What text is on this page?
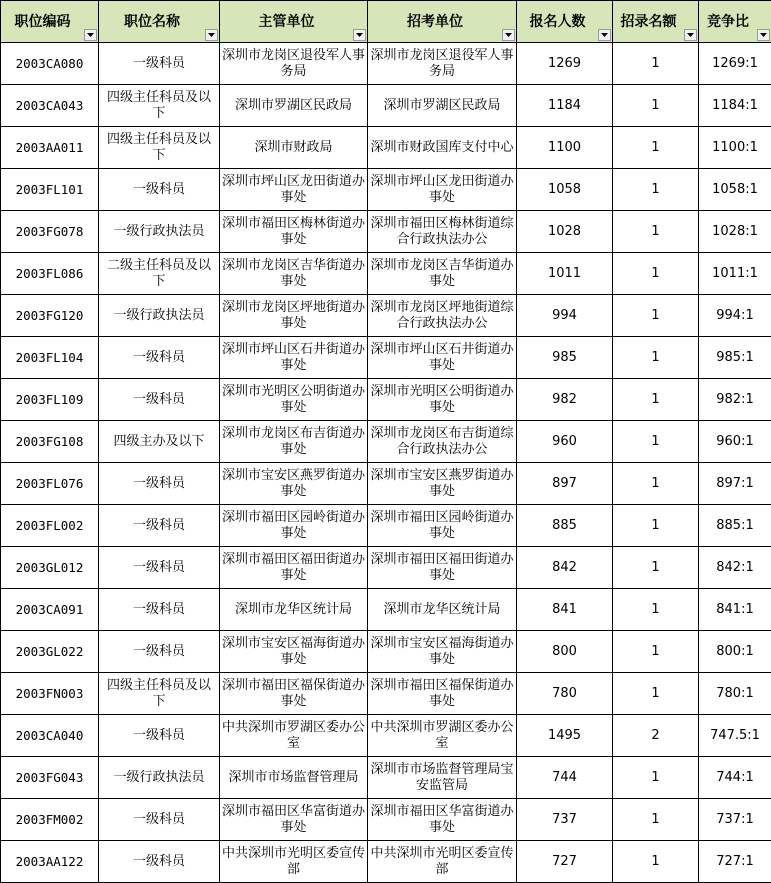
职位编码	职位名称	主管单位	招考单位	报名人数	招录名额	竞争比

2003CA080	一级科员	深圳市龙岗区退役军人事务局	深圳市龙岗区退役军人事务局	1269	1	1269:1
2003CA043	四级主任科员及以下	深圳市罗湖区民政局	深圳市罗湖区民政局	1184	1	1184:1
2003AA011	四级主任科员及以下	深圳市财政局	深圳市财政国库支付中心	1100	1	1100:1
2003FL101	一级科员	深圳市坪山区龙田街道办事处	深圳市坪山区龙田街道办事处	1058	1	1058:1
2003FG078	一级行政执法员	深圳市福田区梅林街道办事处	深圳市福田区梅林街道综合行政执法办公	1028	1	1028:1
2003FL086	二级主任科员及以下	深圳市龙岗区吉华街道办事处	深圳市龙岗区吉华街道办事处	1011	1	1011:1
2003FG120	一级行政执法员	深圳市龙岗区坪地街道办事处	深圳市龙岗区坪地街道综合行政执法办公	994	1	994:1
2003FL104	一级科员	深圳市坪山区石井街道办事处	深圳市坪山区石井街道办事处	985	1	985:1
2003FL109	一级科员	深圳市光明区公明街道办事处	深圳市光明区公明街道办事处	982	1	982:1
2003FG108	四级主办及以下	深圳市龙岗区布吉街道办事处	深圳市龙岗区布吉街道综合行政执法办公	960	1	960:1
2003FL076	一级科员	深圳市宝安区燕罗街道办事处	深圳市宝安区燕罗街道办事处	897	1	897:1
2003FL002	一级科员	深圳市福田区园岭街道办事处	深圳市福田区园岭街道办事处	885	1	885:1
2003GL012	一级科员	深圳市福田区福田街道办事处	深圳市福田区福田街道办事处	842	1	842:1
2003CA091	一级科员	深圳市龙华区统计局	深圳市龙华区统计局	841	1	841:1
2003GL022	一级科员	深圳市宝安区福海街道办事处	深圳市宝安区福海街道办事处	800	1	800:1
2003FN003	四级主任科员及以下	深圳市福田区福保街道办事处	深圳市福田区福保街道办事处	780	1	780:1
2003CA040	一级科员	中共深圳市罗湖区委办公室	中共深圳市罗湖区委办公室	1495	2	747.5:1
2003FG043	一级行政执法员	深圳市市场监督管理局	深圳市市场监督管理局宝安监管局	744	1	744:1
2003FM002	一级科员	深圳市福田区华富街道办事处	深圳市福田区华富街道办事处	737	1	737:1
2003AA122	一级科员	中共深圳市光明区委宣传部	中共深圳市光明区委宣传部	727	1	727:1
